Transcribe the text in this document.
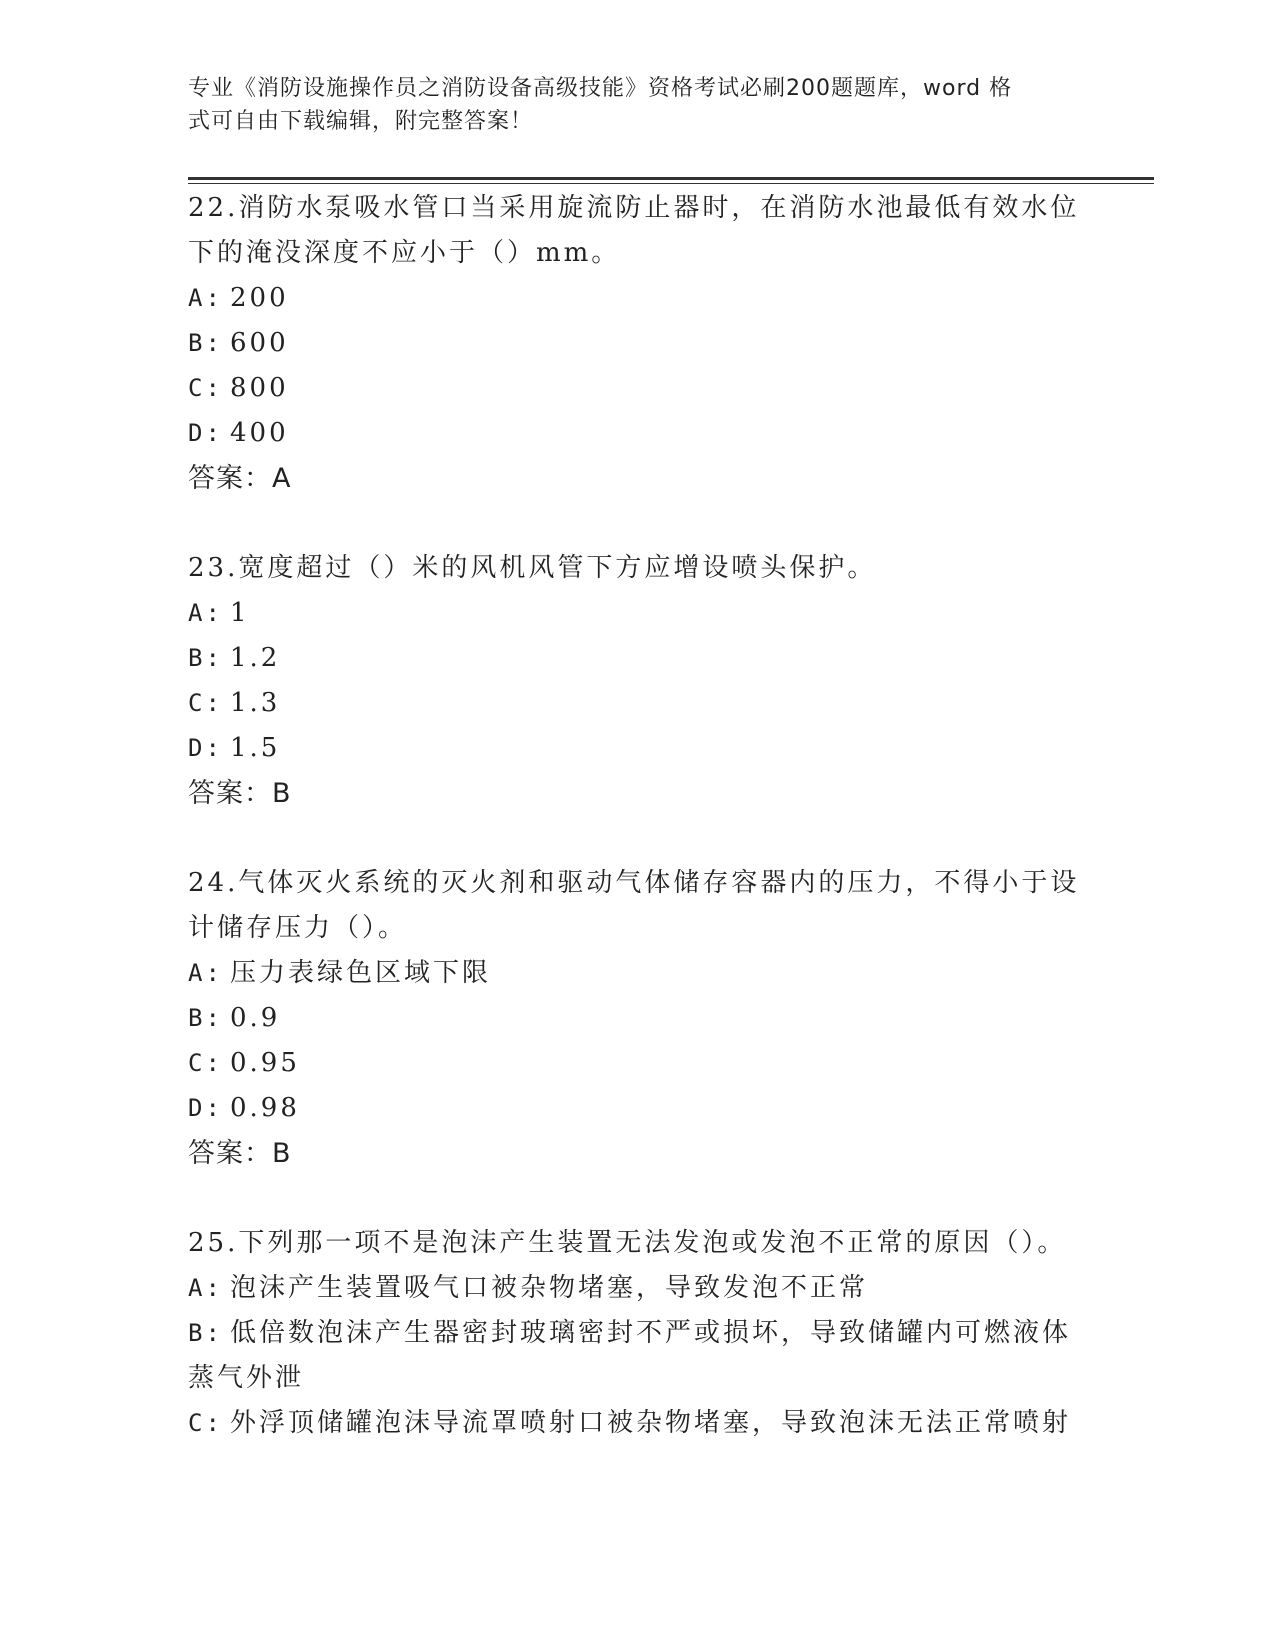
专业《消防设施操作员之消防设备高级技能》资格考试必刷200题题库，word 格
式可自由下载编辑，附完整答案！

22.消防水泵吸水管口当采用旋流防止器时，在消防水池最低有效水位下的淹没深度不应小于（）mm。

A: 200

B: 600

C: 800

D: 400

答案：A

23.宽度超过（）米的风机风管下方应增设喷头保护。

A: 1

B: 1.2

C: 1.3

D: 1.5

答案：B

24.气体灭火系统的灭火剂和驱动气体储存容器内的压力，不得小于设计储存压力（）。

A: 压力表绿色区域下限

B: 0.9

C: 0.95

D: 0.98

答案：B

25.下列那一项不是泡沫产生装置无法发泡或发泡不正常的原因（）。

A: 泡沫产生装置吸气口被杂物堵塞，导致发泡不正常

B: 低倍数泡沫产生器密封玻璃密封不严或损坏，导致储罐内可燃液体蒸气外泄

C: 外浮顶储罐泡沫导流罩喷射口被杂物堵塞，导致泡沫无法正常喷射
